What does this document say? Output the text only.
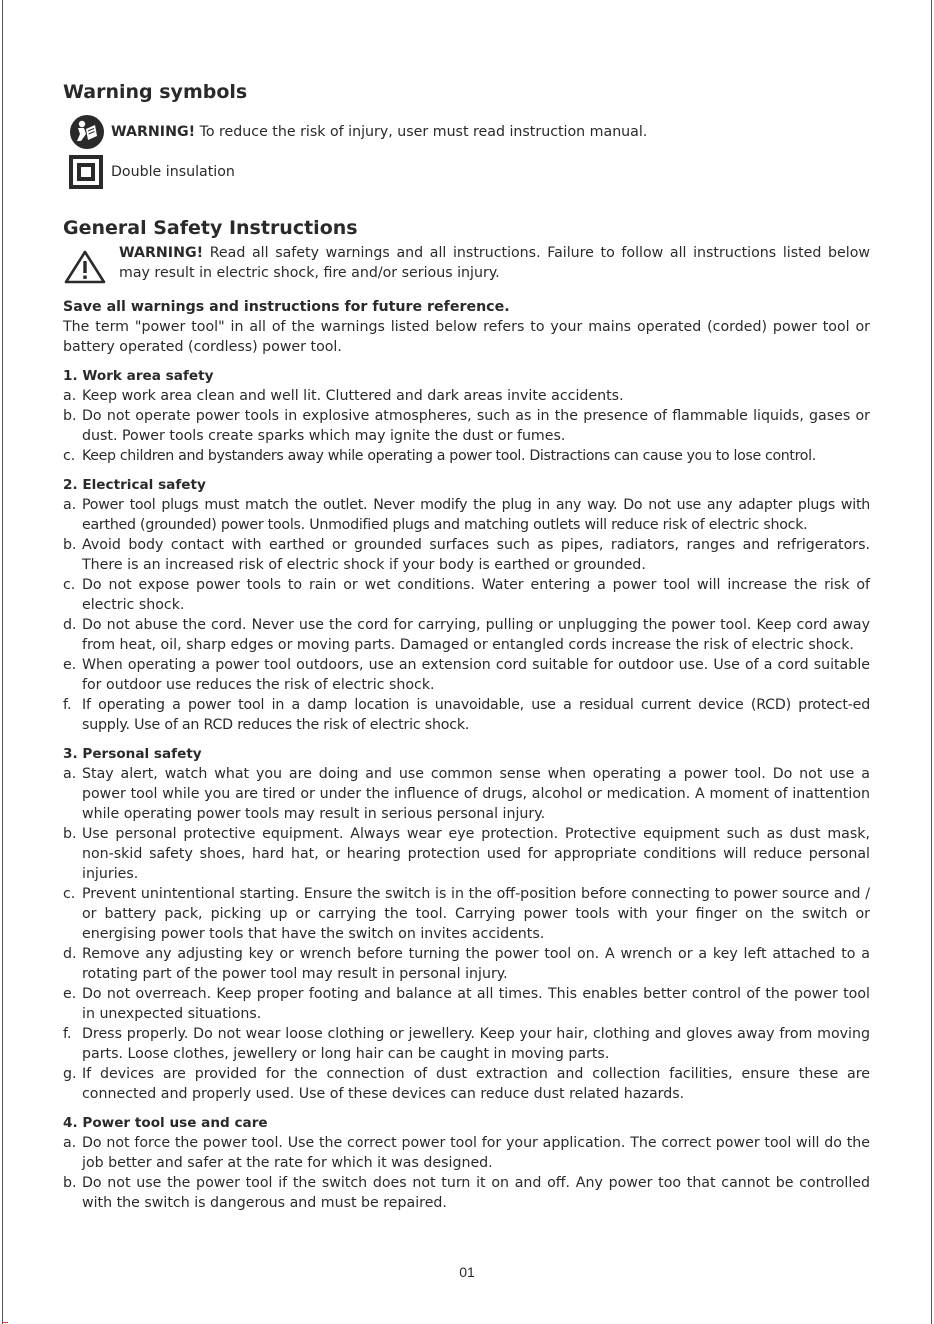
Warning symbols
WARNING! To reduce the risk of injury, user must read instruction manual.
Double insulation
General Safety Instructions
WARNING! Read all safety warnings and all instructions. Failure to follow all instructions listed below may result in electric shock, fire and/or serious injury.

Save all warnings and instructions for future reference.

The term "power tool" in all of the warnings listed below refers to your mains operated (corded) power tool or battery operated (cordless) power tool.

1. Work area safety
a. Keep work area clean and well lit. Cluttered and dark areas invite accidents.
b. Do not operate power tools in explosive atmospheres, such as in the presence of flammable liquids, gases or dust. Power tools create sparks which may ignite the dust or fumes.
c. Keep children and bystanders away while operating a power tool. Distractions can cause you to lose control.
2. Electrical safety
a. Power tool plugs must match the outlet. Never modify the plug in any way. Do not use any adapter plugs with earthed (grounded) power tools. Unmodified plugs and matching outlets will reduce risk of electric shock.
b. Avoid body contact with earthed or grounded surfaces such as pipes, radiators, ranges and refrigerators. There is an increased risk of electric shock if your body is earthed or grounded.
c. Do not expose power tools to rain or wet conditions. Water entering a power tool will increase the risk of electric shock.
d. Do not abuse the cord. Never use the cord for carrying, pulling or unplugging the power tool. Keep cord away from heat, oil, sharp edges or moving parts. Damaged or entangled cords increase the risk of electric shock.
e. When operating a power tool outdoors, use an extension cord suitable for outdoor use. Use of a cord suitable for outdoor use reduces the risk of electric shock.
f. If operating a power tool in a damp location is unavoidable, use a residual current device (RCD) protect-ed supply. Use of an RCD reduces the risk of electric shock.
3. Personal safety
a. Stay alert, watch what you are doing and use common sense when operating a power tool. Do not use a power tool while you are tired or under the influence of drugs, alcohol or medication. A moment of inattention while operating power tools may result in serious personal injury.
b. Use personal protective equipment. Always wear eye protection. Protective equipment such as dust mask, non-skid safety shoes, hard hat, or hearing protection used for appropriate conditions will reduce personal injuries.
c. Prevent unintentional starting. Ensure the switch is in the off-position before connecting to power source and / or battery pack, picking up or carrying the tool. Carrying power tools with your finger on the switch or energising power tools that have the switch on invites accidents.
d. Remove any adjusting key or wrench before turning the power tool on. A wrench or a key left attached to a rotating part of the power tool may result in personal injury.
e. Do not overreach. Keep proper footing and balance at all times. This enables better control of the power tool in unexpected situations.
f. Dress properly. Do not wear loose clothing or jewellery. Keep your hair, clothing and gloves away from moving parts. Loose clothes, jewellery or long hair can be caught in moving parts.
g. If devices are provided for the connection of dust extraction and collection facilities, ensure these are connected and properly used. Use of these devices can reduce dust related hazards.
4. Power tool use and care
a. Do not force the power tool. Use the correct power tool for your application. The correct power tool will do the job better and safer at the rate for which it was designed.
b. Do not use the power tool if the switch does not turn it on and off. Any power too that cannot be controlled with the switch is dangerous and must be repaired.
01
